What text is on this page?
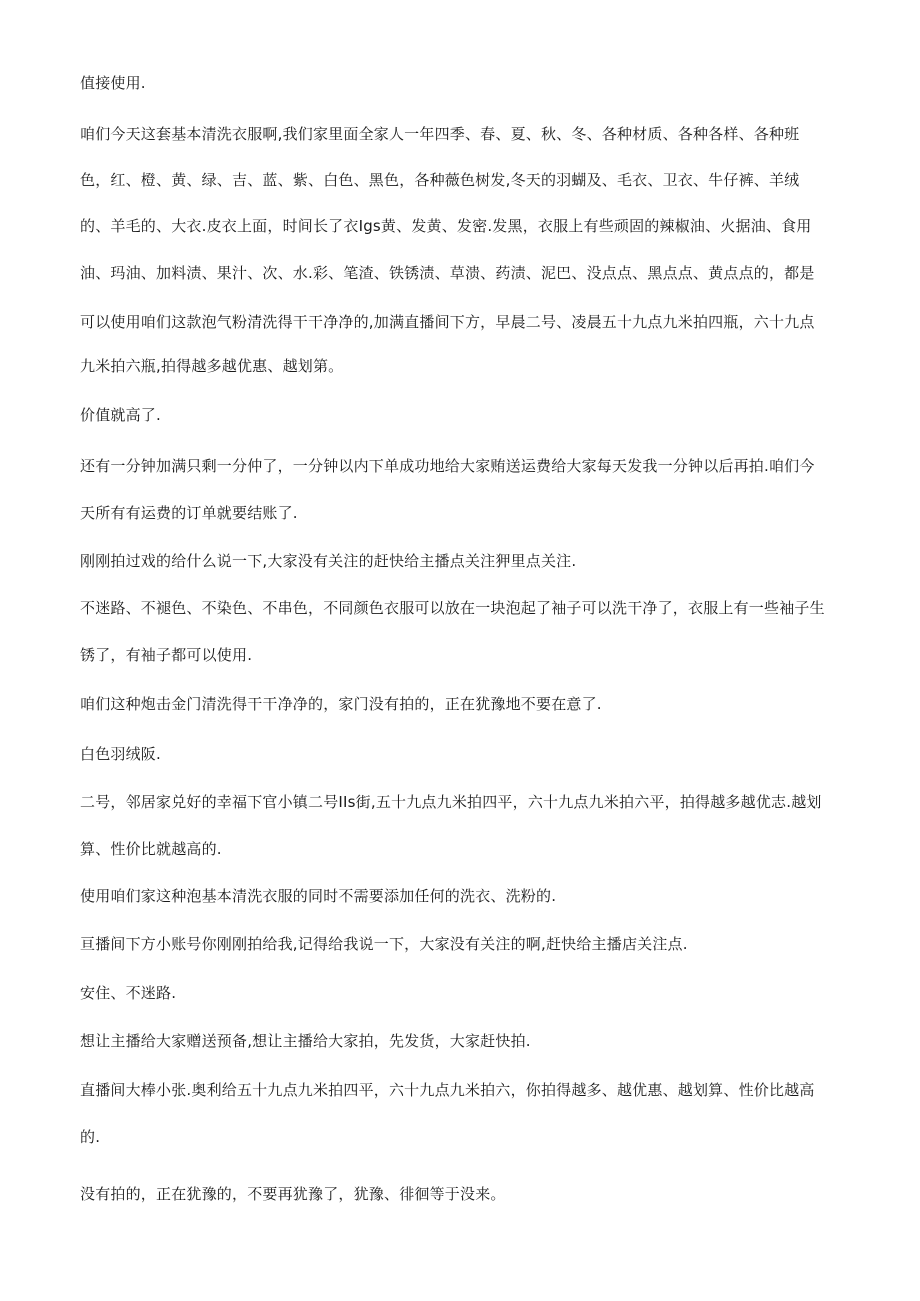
值接使用.
咱们今天这套基本清洗衣服啊,我们家里面全家人一年四季、春、夏、秋、冬、各种材质、各种各样、各种班
色，红、橙、黄、绿、吉、蓝、紫、白色、黑色，各种薇色树发,冬天的羽蝴及、毛衣、卫衣、牛仔裤、羊绒
的、羊毛的、大衣.皮衣上面，时间长了衣Igs黄、发黄、发密.发黑，衣服上有些顽固的辣椒油、火据油、食用
油、玛油、加料渍、果汁、次、水.彩、笔渣、铁锈渍、草溃、药渍、泥巴、没点点、黑点点、黄点点的，都是
可以使用咱们这款泡气粉清洗得干干净净的,加满直播间下方，早晨二号、凌晨五十九点九米拍四瓶，六十九点
九米拍六瓶,拍得越多越优惠、越划第。
价值就高了.
还有一分钟加满只剩一分仲了，一分钟以内下单成功地给大家贿送运费给大家每天发我一分钟以后再拍.咱们今
天所有有运费的订单就要结账了.
刚刚拍过戏的给什么说一下,大家没有关注的赶快给主播点关注狎里点关注.
不迷路、不褪色、不染色、不串色，不同颜色衣服可以放在一块泡起了袖子可以洗干净了，衣服上有一些袖子生
锈了，有袖子都可以使用.
咱们这种炮击金门清洗得干干净净的，家门没有拍的，正在犹豫地不要在意了.
白色羽绒阪.
二号，邻居家兑好的幸福下官小镇二号IIs街,五十九点九米拍四平，六十九点九米拍六平，拍得越多越优志.越划
算、性价比就越高的.
使用咱们家这种泡基本清洗衣服的同时不需要添加任何的洗衣、洗粉的.
亘播间下方小账号你刚刚拍给我,记得给我说一下，大家没有关注的啊,赶快给主播店关注点.
安住、不迷路.
想让主播给大家赠送预备,想让主播给大家拍，先发货，大家赶快拍.
直播间大棒小张.奥利给五十九点九米拍四平，六十九点九米拍六，你拍得越多、越优惠、越划算、性价比越高
的.
没有拍的，正在犹豫的，不要再犹豫了，犹豫、徘徊等于没来。
